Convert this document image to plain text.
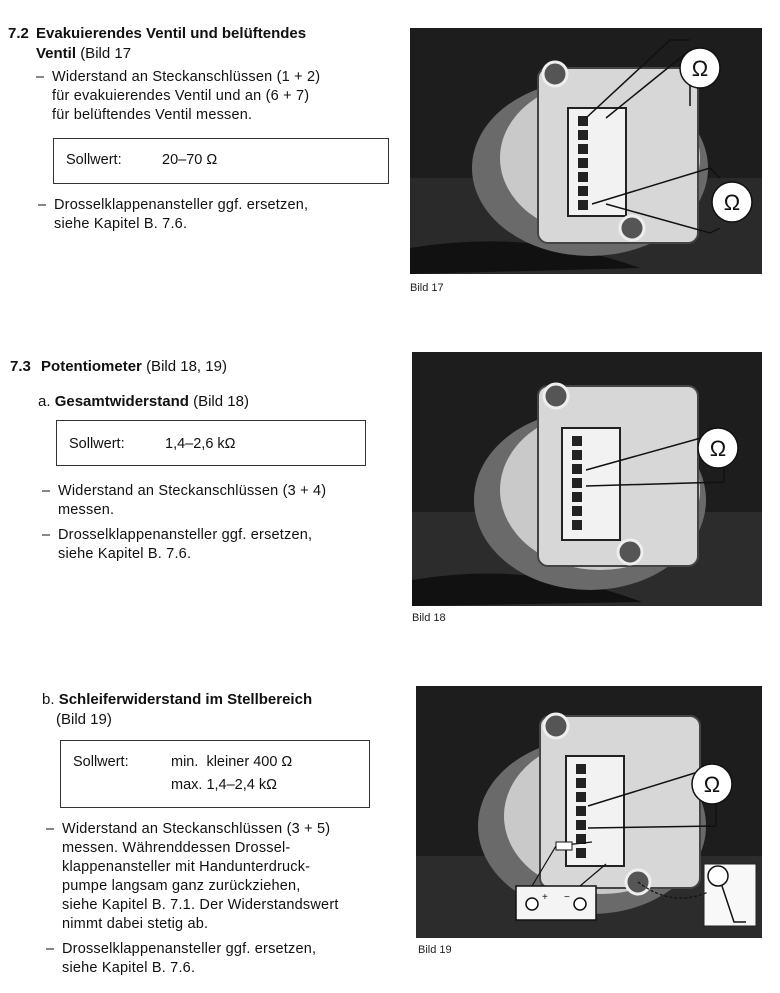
7.2 Evakuierendes Ventil und belüftendes
Ventil (Bild 17
– Widerstand an Steckanschlüssen (1 + 2)
für evakuierendes Ventil und an (6 + 7)
für belüftendes Ventil messen.
Sollwert:	20–70 Ω
– Drosselklappenansteller ggf. ersetzen,
siehe Kapitel B. 7.6.
7.3 Potentiometer (Bild 18, 19)
a. Gesamtwiderstand (Bild 18)
Sollwert:	1,4–2,6 kΩ
– Widerstand an Steckanschlüssen (3 + 4)
messen.
– Drosselklappenansteller ggf. ersetzen,
siehe Kapitel B. 7.6.
b. Schleiferwiderstand im Stellbereich
(Bild 19)
Sollwert:	min.  kleiner 400 Ω
max. 1,4–2,4 kΩ
– Widerstand an Steckanschlüssen (3 + 5)
messen. Währenddessen Drossel-
klappenansteller mit Handunterdruck-
pumpe langsam ganz zurückziehen,
siehe Kapitel B. 7.1. Der Widerstandswert
nimmt dabei stetig ab.
– Drosselklappenansteller ggf. ersetzen,
siehe Kapitel B. 7.6.
Ω
Ω
Bild 17
Ω
Bild 18
Ω
+ −
Bild 19
